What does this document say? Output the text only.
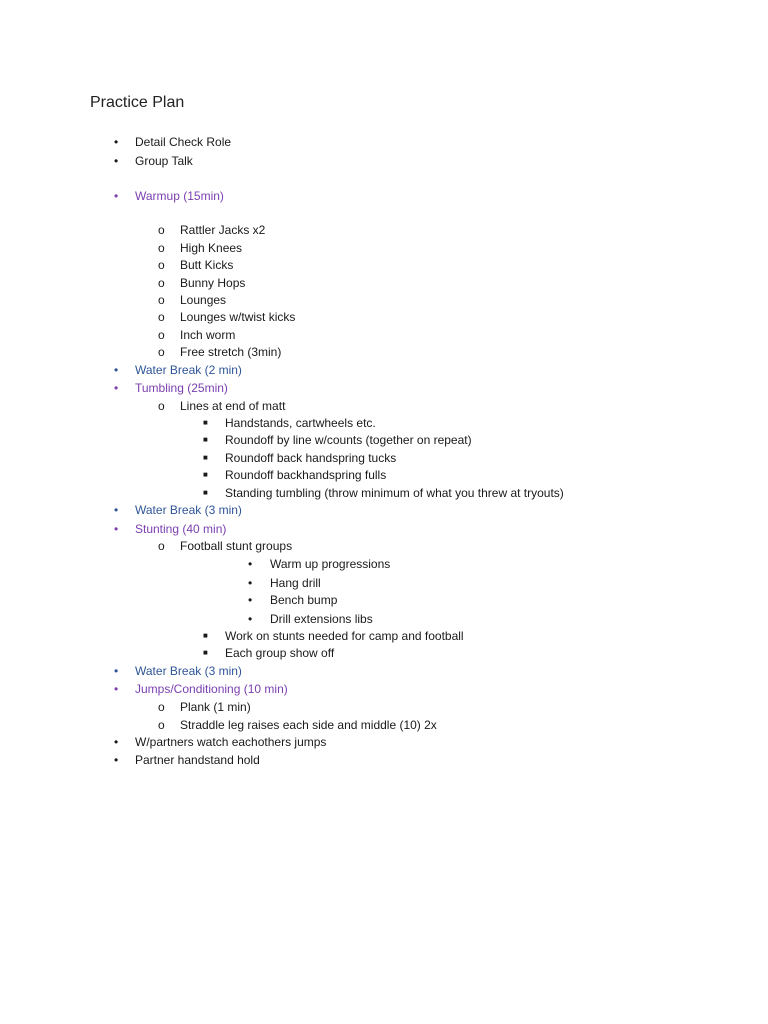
Practice Plan
• Detail Check Role
• Group Talk
• Warmup (15min)
o Rattler Jacks x2
o High Knees
o Butt Kicks
o Bunny Hops
o Lounges
o Lounges w/twist kicks
o Inch worm
o Free stretch (3min)
• Water Break (2 min)
• Tumbling (25min)
o Lines at end of matt
■ Handstands, cartwheels etc.
■ Roundoff by line w/counts (together on repeat)
■ Roundoff back handspring tucks
■ Roundoff backhandspring fulls
■ Standing tumbling (throw minimum of what you threw at tryouts)
• Water Break (3 min)
• Stunting (40 min)
o Football stunt groups
• Warm up progressions
• Hang drill
• Bench bump
• Drill extensions libs
■ Work on stunts needed for camp and football
■ Each group show off
• Water Break (3 min)
• Jumps/Conditioning (10 min)
o Plank (1 min)
o Straddle leg raises each side and middle (10) 2x
• W/partners watch eachothers jumps
• Partner handstand hold
